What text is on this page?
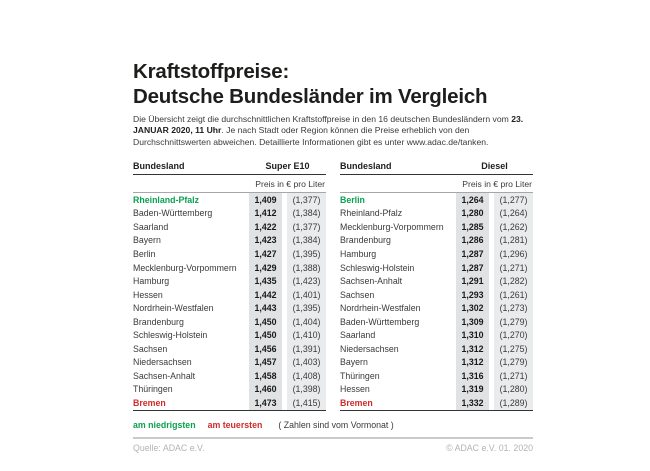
Kraftstoffpreise:
Deutsche Bundesländer im Vergleich

Die Übersicht zeigt die durchschnittlichen Kraftstoffpreise in den 16 deutschen Bundesländern vom 23. JANUAR 2020, 11 Uhr. Je nach Stadt oder Region können die Preise erheblich von den Durchschnittswerten abweichen. Detaillierte Informationen gibt es unter www.adac.de/tanken.

Bundesland	Super E10
Preis in € pro Liter
Rheinland-Pfalz	1,409	(1,377)
Baden-Württemberg	1,412	(1,384)
Saarland	1,422	(1,377)
Bayern	1,423	(1,384)
Berlin	1,427	(1,395)
Mecklenburg-Vorpommern	1,429	(1,388)
Hamburg	1,435	(1,423)
Hessen	1,442	(1,401)
Nordrhein-Westfalen	1,443	(1,395)
Brandenburg	1,450	(1,404)
Schleswig-Holstein	1,450	(1,410)
Sachsen	1,456	(1,391)
Niedersachsen	1,457	(1,403)
Sachsen-Anhalt	1,458	(1,408)
Thüringen	1,460	(1,398)
Bremen	1,473	(1,415)
Bundesland	Diesel
Preis in € pro Liter
Berlin	1,264	(1,277)
Rheinland-Pfalz	1,280	(1,264)
Mecklenburg-Vorpommern	1,285	(1,262)
Brandenburg	1,286	(1,281)
Hamburg	1,287	(1,296)
Schleswig-Holstein	1,287	(1,271)
Sachsen-Anhalt	1,291	(1,282)
Sachsen	1,293	(1,261)
Nordrhein-Westfalen	1,302	(1,273)
Baden-Württemberg	1,309	(1,279)
Saarland	1,310	(1,270)
Niedersachsen	1,312	(1,275)
Bayern	1,312	(1,279)
Thüringen	1,316	(1,271)
Hessen	1,319	(1,280)
Bremen	1,332	(1,289)
am niedrigsten am teuersten ( Zahlen sind vom Vormonat )
Quelle: ADAC e.V.	© ADAC e.V. 01. 2020
